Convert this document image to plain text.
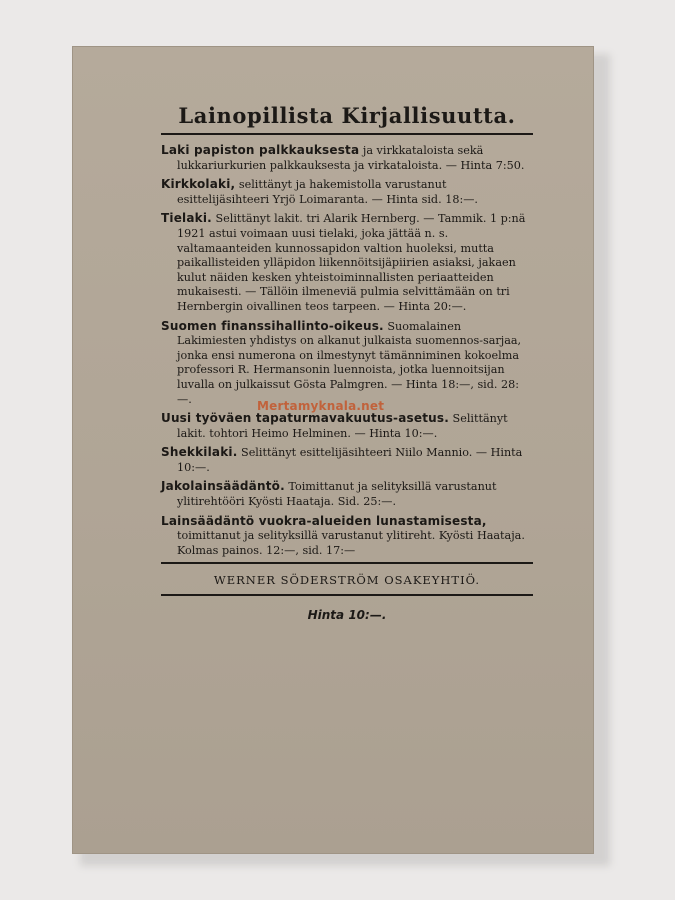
Lainopillista Kirjallisuutta.
Laki papiston palkkauksesta ja virkkataloista sekä lukkariurkurien palkkauksesta ja virkataloista. — Hinta 7:50.
Kirkkolaki, selittänyt ja hakemistolla varustanut esittelijäsihteeri Yrjö Loimaranta. — Hinta sid. 18:—.
Tielaki. Selittänyt lakit. tri Alarik Hernberg. — Tammik. 1 p:nä 1921 astui voimaan uusi tielaki, joka jättää n. s. valtamaanteiden kunnossapidon valtion huoleksi, mutta paikallisteiden ylläpidon liikennöitsijäpiirien asiaksi, jakaen kulut näiden kesken yhteistoiminnallisten periaatteiden mukaisesti. — Tällöin ilmeneviä pulmia selvittämään on tri Hernbergin oivallinen teos tarpeen. — Hinta 20:—.
Suomen finanssihallinto-oikeus. Suomalainen Lakimiesten yhdistys on alkanut julkaista suomennos-sarjaa, jonka ensi numerona on ilmestynyt tämänniminen kokoelma professori R. Hermansonin luennoista, jotka luennoitsijan luvalla on julkaissut Gösta Palmgren. — Hinta 18:—, sid. 28:—.
Uusi työväen tapaturmavakuutus-asetus. Selittänyt lakit. tohtori Heimo Helminen. — Hinta 10:—.
Shekkilaki. Selittänyt esittelijäsihteeri Niilo Mannio. — Hinta 10:—.
Jakolainsäädäntö. Toimittanut ja selityksillä varustanut ylitirehtööri Kyösti Haataja. Sid. 25:—.
Lainsäädäntö vuokra-alueiden lunastamisesta, toimittanut ja selityksillä varustanut ylitireht. Kyösti Haataja. Kolmas painos. 12:—, sid. 17:—
WERNER SÖDERSTRÖM OSAKEYHTIÖ.
Hinta 10:—.
Mertamyknala.net
